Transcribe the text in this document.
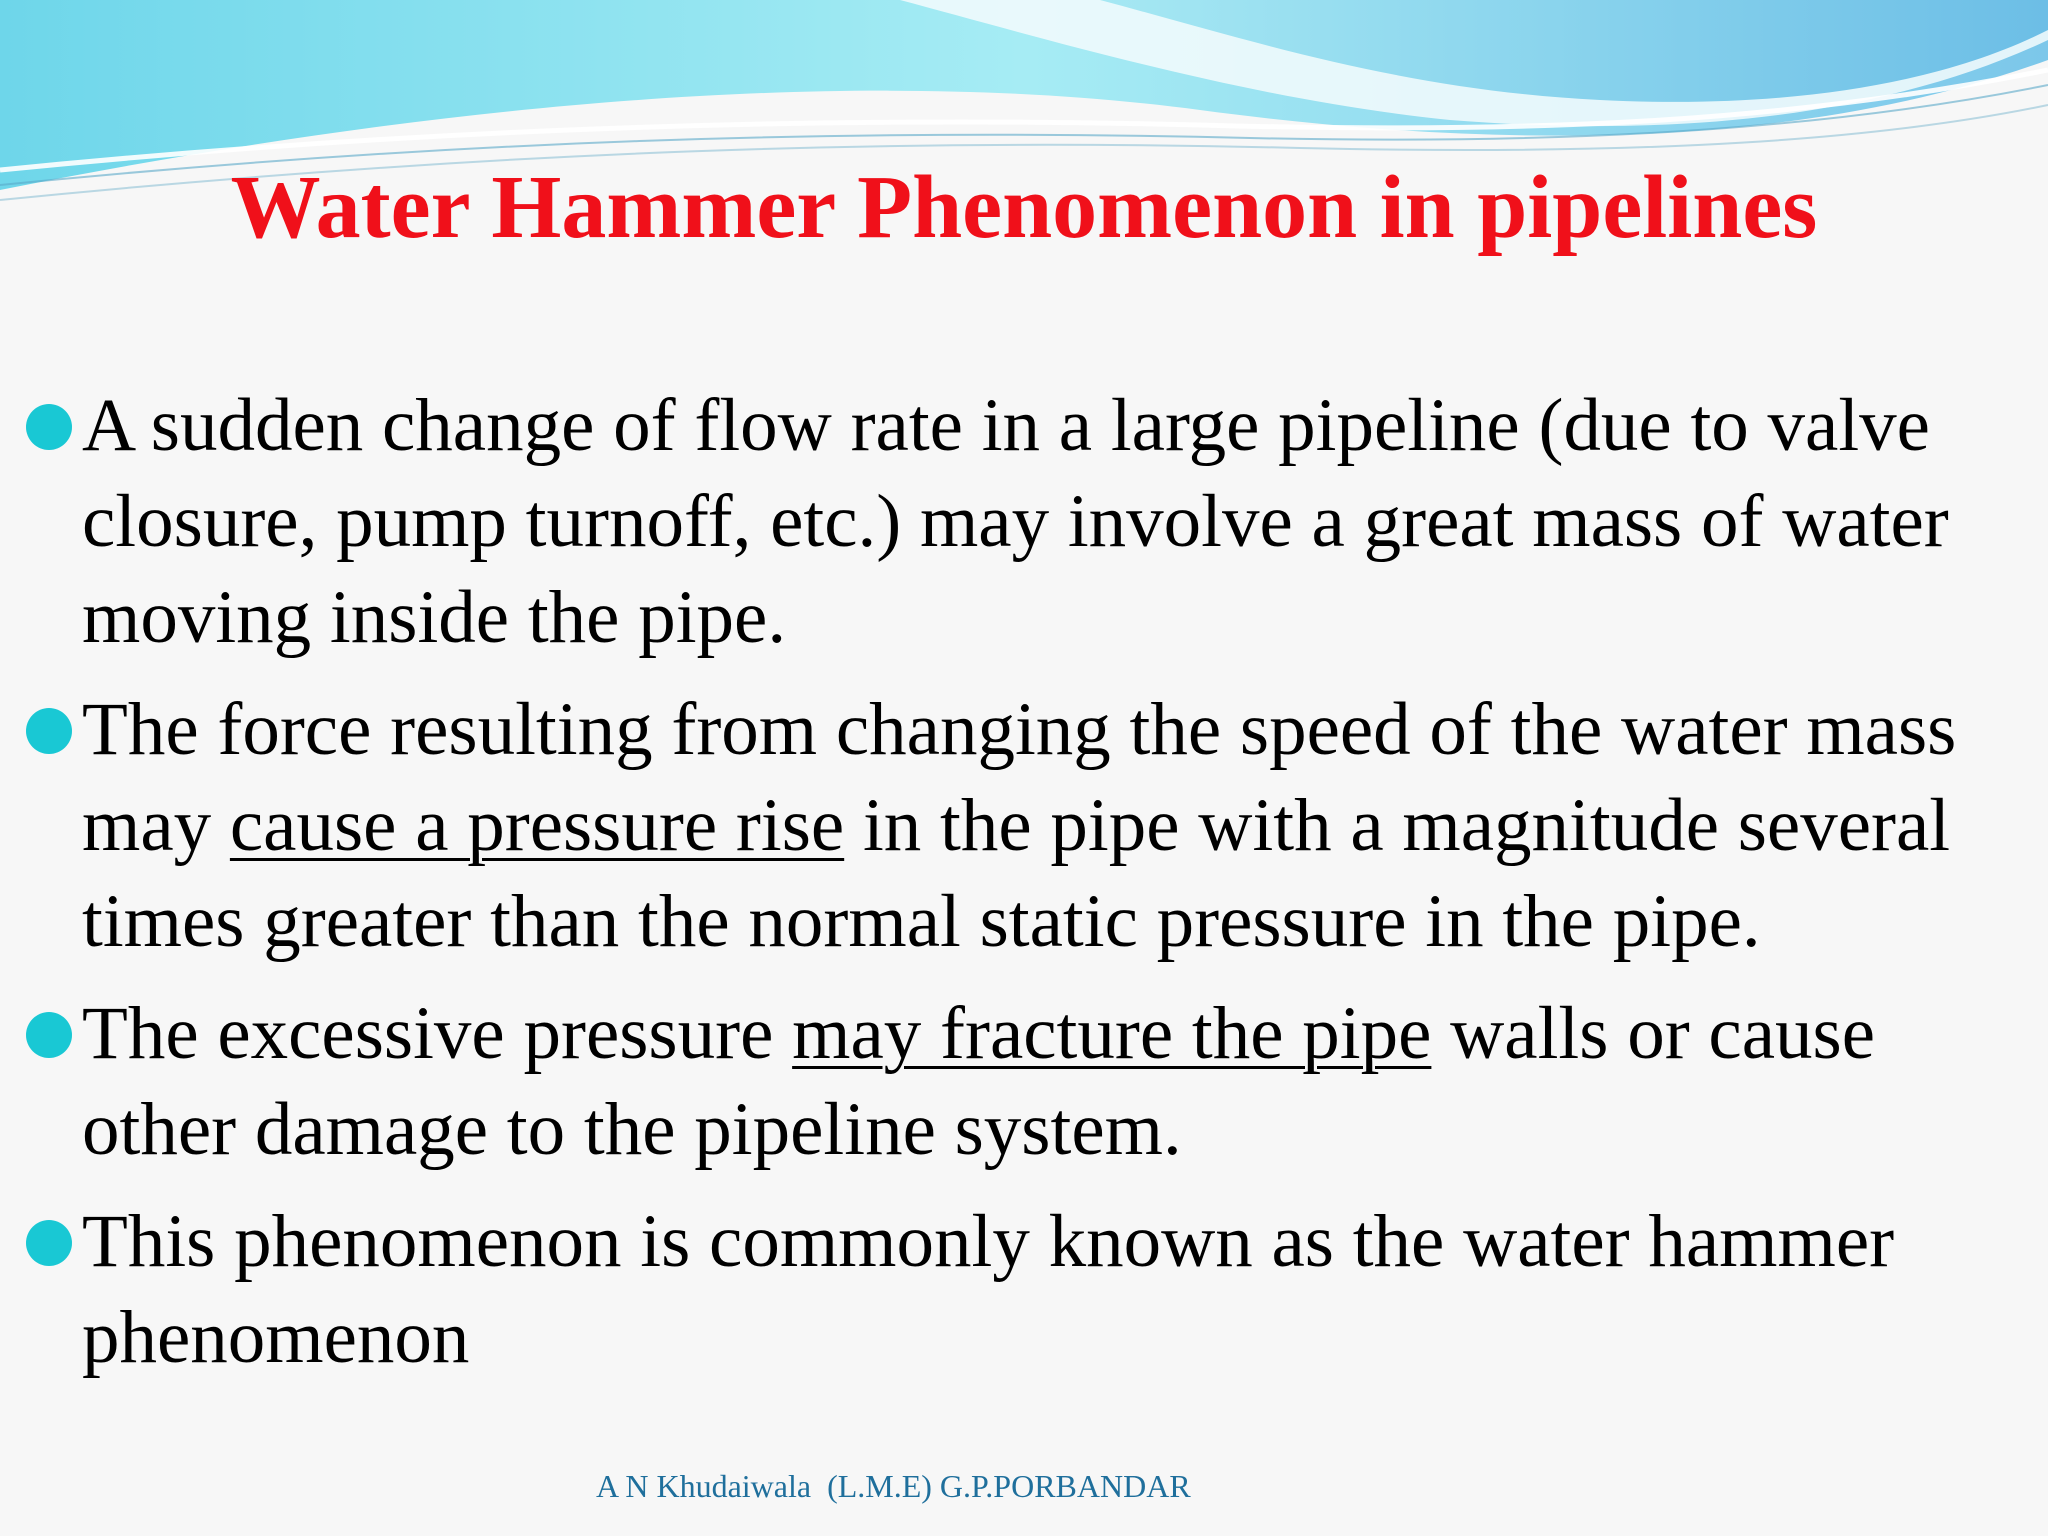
Water Hammer Phenomenon in pipelines
A sudden change of flow rate in a large pipeline (due to valve closure, pump turnoff, etc.) may involve a great mass of water moving inside the pipe.
The force resulting from changing the speed of the water mass may cause a pressure rise in the pipe with a magnitude several times greater than the normal static pressure in the pipe.
The excessive pressure may fracture the pipe walls or cause other damage to the pipeline system.
This phenomenon is commonly known as the water hammer phenomenon
A N Khudaiwala  (L.M.E) G.P.PORBANDAR
